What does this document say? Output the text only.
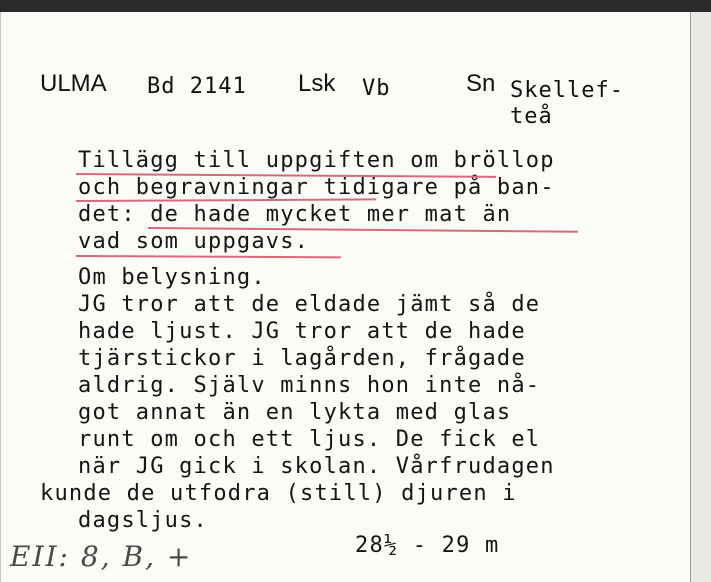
ULMA Bd 2141 Lsk Vb	Sn Skellef-
teå
Tillägg till uppgiften om bröllop
och begravningar tidigare på ban-
det: de hade mycket mer mat än
vad som uppgavs.
Om belysning.
JG tror att de eldade jämt så de
hade ljust. JG tror att de hade
tjärstickor i lagården, frågade
aldrig. Själv minns hon inte nå-
got annat än en lykta med glas
runt om och ett ljus. De fick el
när JG gick i skolan. Vårfrudagen
kunde de utfodra (still) djuren i
dagsljus.
28½ - 29 m
EII: 8, B, +
